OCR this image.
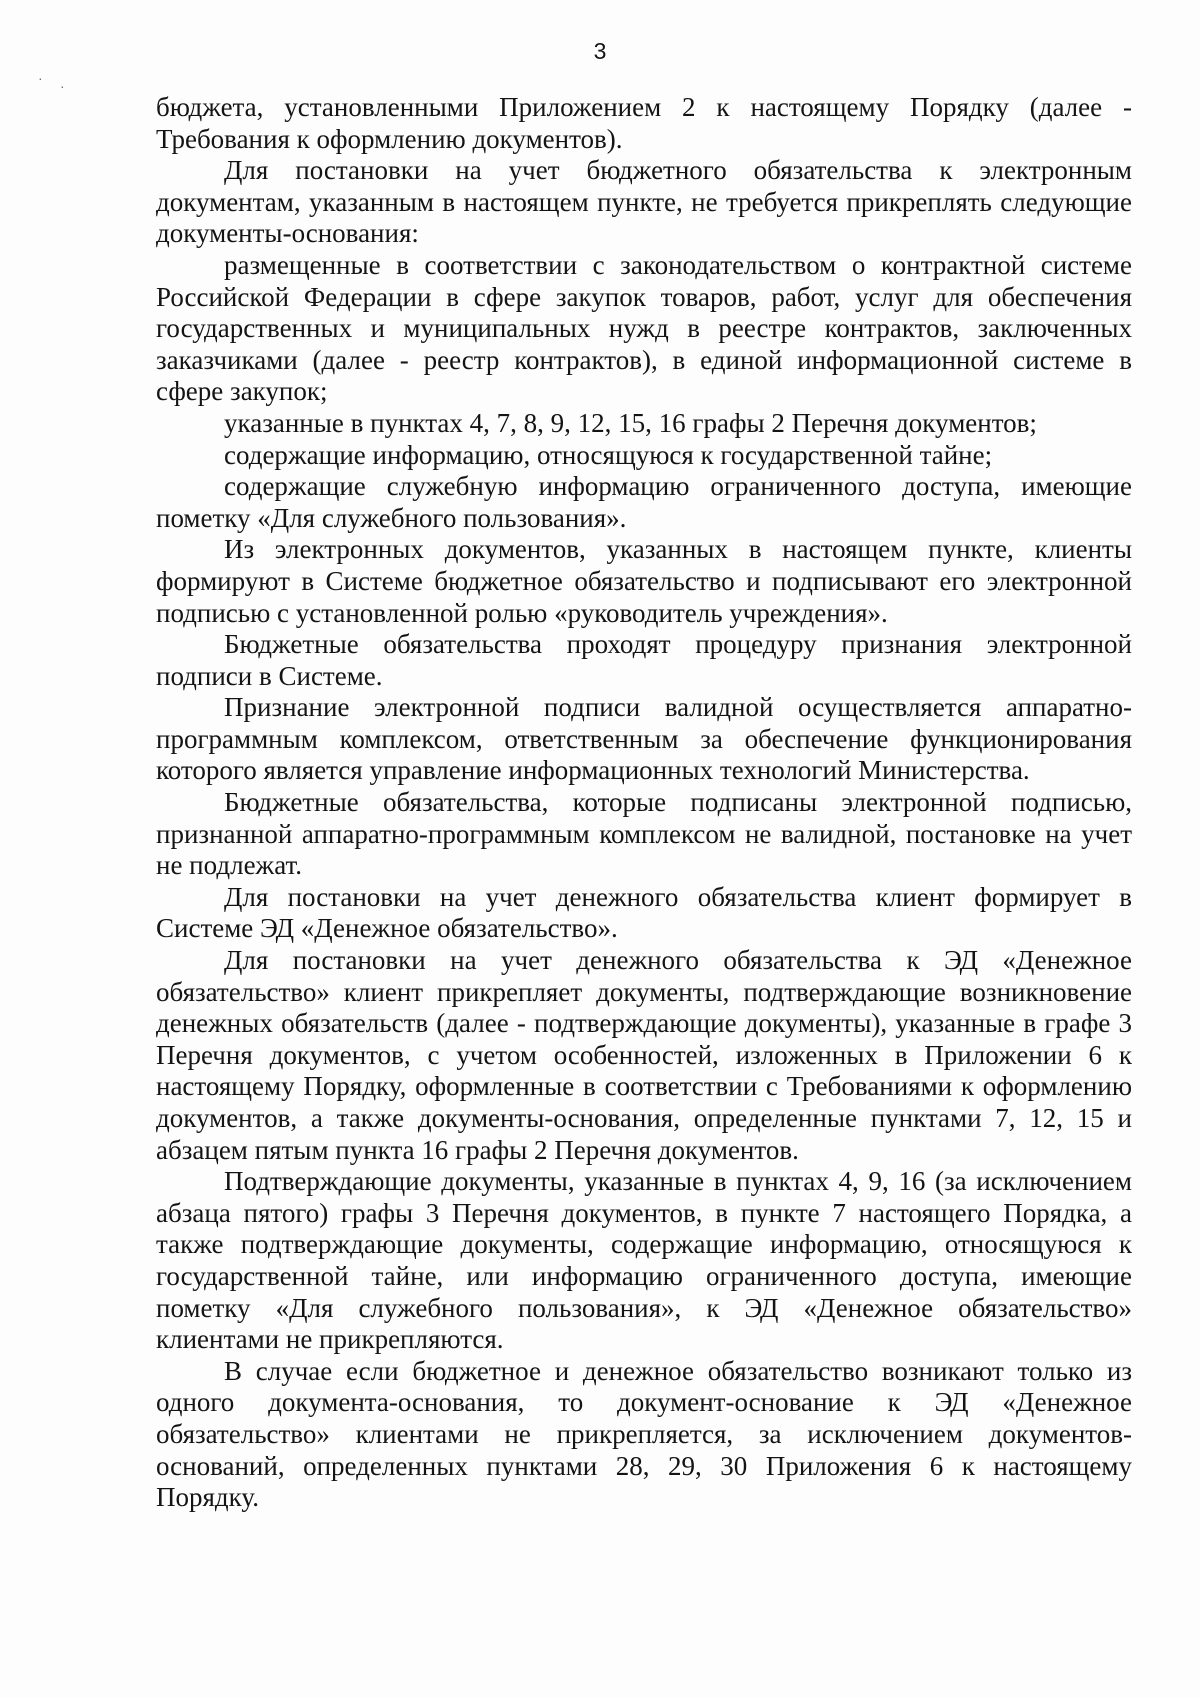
3
· ·

бюджета, установленными Приложением 2 к настоящему Порядку (далее - Требования к оформлению документов).

Для постановки на учет бюджетного обязательства к электронным документам, указанным в настоящем пункте, не требуется прикреплять следующие документы-основания:

размещенные в соответствии с законодательством о контрактной системе Российской Федерации в сфере закупок товаров, работ, услуг для обеспечения государственных и муниципальных нужд в реестре контрактов, заключенных заказчиками (далее - реестр контрактов), в единой информационной системе в сфере закупок;

указанные в пунктах 4, 7, 8, 9, 12, 15, 16 графы 2 Перечня документов;

содержащие информацию, относящуюся к государственной тайне;

содержащие служебную информацию ограниченного доступа, имеющие пометку «Для служебного пользования».

Из электронных документов, указанных в настоящем пункте, клиенты формируют в Системе бюджетное обязательство и подписывают его электронной подписью с установленной ролью «руководитель учреждения».

Бюджетные обязательства проходят процедуру признания электронной подписи в Системе.

Признание электронной подписи валидной осуществляется аппаратно-программным комплексом, ответственным за обеспечение функционирования которого является управление информационных технологий Министерства.

Бюджетные обязательства, которые подписаны электронной подписью, признанной аппаратно-программным комплексом не валидной, постановке на учет не подлежат.

Для постановки на учет денежного обязательства клиент формирует в Системе ЭД «Денежное обязательство».

Для постановки на учет денежного обязательства к ЭД «Денежное обязательство» клиент прикрепляет документы, подтверждающие возникновение денежных обязательств (далее - подтверждающие документы), указанные в графе 3 Перечня документов, с учетом особенностей, изложенных в Приложении 6 к настоящему Порядку, оформленные в соответствии с Требованиями к оформлению документов, а также документы-основания, определенные пунктами 7, 12, 15 и абзацем пятым пункта 16 графы 2 Перечня документов.

Подтверждающие документы, указанные в пунктах 4, 9, 16 (за исключением абзаца пятого) графы 3 Перечня документов, в пункте 7 настоящего Порядка, а также подтверждающие документы, содержащие информацию, относящуюся к государственной тайне, или информацию ограниченного доступа, имеющие пометку «Для служебного пользования», к ЭД «Денежное обязательство» клиентами не прикрепляются.

В случае если бюджетное и денежное обязательство возникают только из одного документа-основания, то документ-основание к ЭД «Денежное обязательство» клиентами не прикрепляется, за исключением документов-оснований, определенных пунктами 28, 29, 30 Приложения 6 к настоящему Порядку.
